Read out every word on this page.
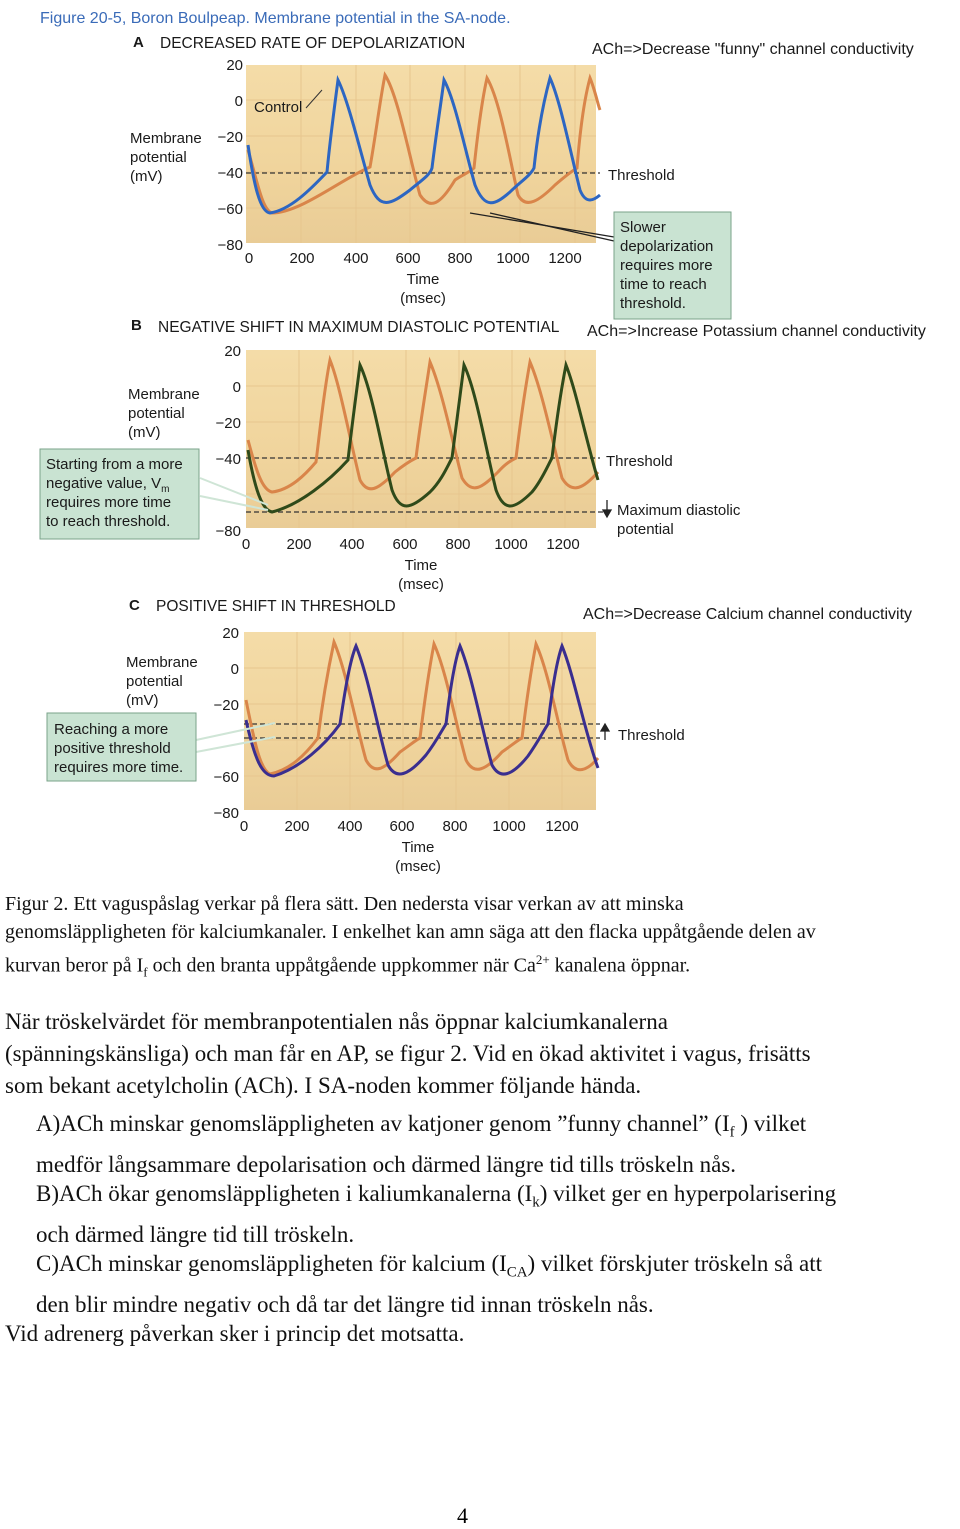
Figure 20-5, Boron Boulpeap. Membrane potential in the SA-node.
A DECREASED RATE OF DEPOLARIZATION	ACh=>Decrease "funny" channel conductivity
Membrane
potential
(mV)
20
0
−20
−40
−60
−80
0 200 400 600 800 1000 1200
Time
(msec)
Control
Threshold
Slower
depolarization
requires more
time to reach
threshold.
B NEGATIVE SHIFT IN MAXIMUM DIASTOLIC POTENTIAL ACh=>Increase Potassium channel conductivity
Membrane
potential
(mV)
20
0
−20
−40
−80
0 200 400 600 800 1000 1200
Time
(msec)
Threshold
Maximum diastolic
potential
Starting from a more
negative value, $V_m$
requires more time
to reach threshold.
C POSITIVE SHIFT IN THRESHOLD	ACh=>Decrease Calcium channel conductivity
Membrane
potential
(mV)
20
0
−20
−60
−80
0 200 400 600 800 1000 1200
Time
(msec)
Threshold
Reaching a more
positive threshold
requires more time.
Figur 2. Ett vaguspåslag verkar på flera sätt. Den nedersta visar verkan av att minska
genomsläppligheten för kalciumkanaler. I enkelhet kan amn säga att den flacka uppåtgående delen av
kurvan beror på $I_f$ och den branta uppåtgående uppkommer när $Ca^{2+}$ kanalena öppnar.
När tröskelvärdet för membranpotentialen nås öppnar kalciumkanalerna
(spänningskänsliga) och man får en AP, se figur 2. Vid en ökad aktivitet i vagus, frisätts
som bekant acetylcholin (ACh). I SA-noden kommer följande hända.
A)ACh minskar genomsläppligheten av katjoner genom ”funny channel” ($I_f$ ) vilket
medför långsammare depolarisation och därmed längre tid tills tröskeln nås.
B)ACh ökar genomsläppligheten i kaliumkanalerna $(I_k)$ vilket ger en hyperpolarisering
och därmed längre tid till tröskeln.
C)ACh minskar genomsläppligheten för kalcium $(I_{CA})$ vilket förskjuter tröskeln så att
den blir mindre negativ och då tar det längre tid innan tröskeln nås.
Vid adrenerg påverkan sker i princip det motsatta.
4
